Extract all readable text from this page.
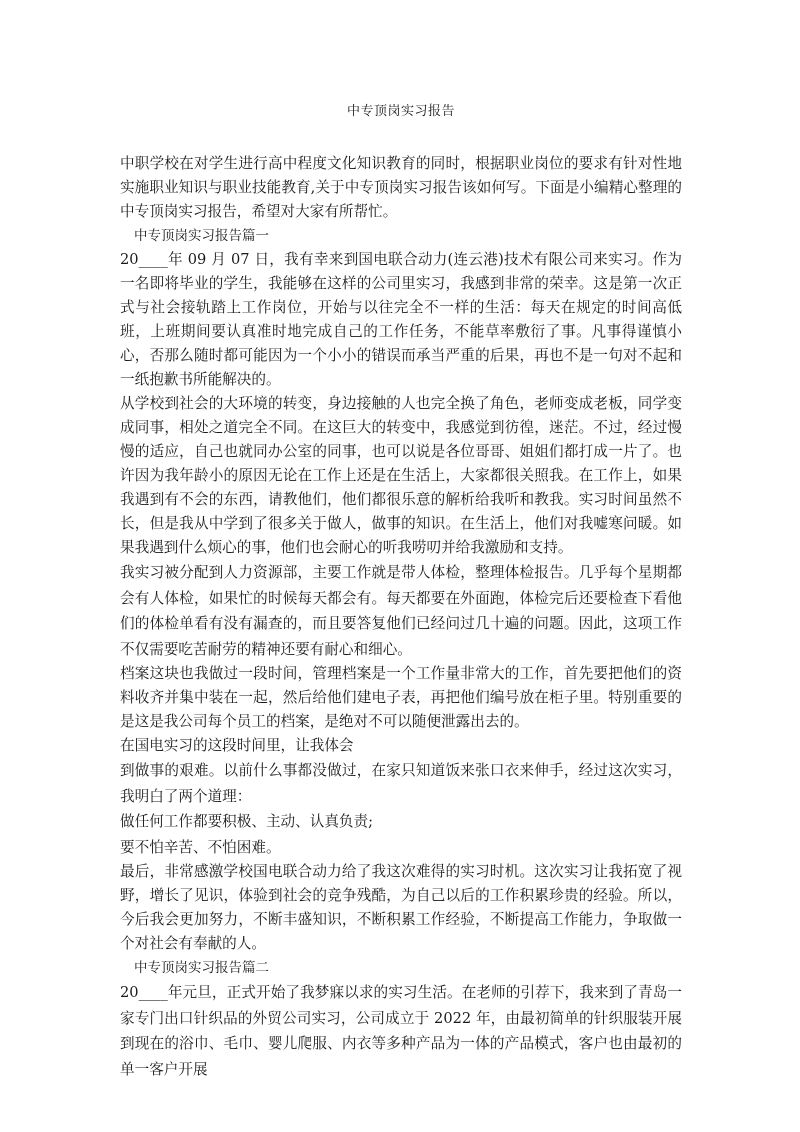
中专顶岗实习报告

中职学校在对学生进行高中程度文化知识教育的同时，根据职业岗位的要求有针对性地实施职业知识与职业技能教育,关于中专顶岗实习报告该如何写。下面是小编精心整理的中专顶岗实习报告，希望对大家有所帮忙。

中专顶岗实习报告篇一

20____年 09 月 07 日，我有幸来到国电联合动力(连云港)技术有限公司来实习。作为一名即将毕业的学生，我能够在这样的公司里实习，我感到非常的荣幸。这是第一次正式与社会接轨踏上工作岗位，开始与以往完全不一样的生活：每天在规定的时间高低班，上班期间要认真准时地完成自己的工作任务，不能草率敷衍了事。凡事得谨慎小心，否那么随时都可能因为一个小小的错误而承当严重的后果，再也不是一句对不起和一纸抱歉书所能解决的。

从学校到社会的大环境的转变，身边接触的人也完全换了角色，老师变成老板，同学变成同事，相处之道完全不同。在这巨大的转变中，我感觉到彷徨，迷茫。不过，经过慢慢的适应，自己也就同办公室的同事，也可以说是各位哥哥、姐姐们都打成一片了。也许因为我年龄小的原因无论在工作上还是在生活上，大家都很关照我。在工作上，如果我遇到有不会的东西，请教他们，他们都很乐意的解析给我听和教我。实习时间虽然不长，但是我从中学到了很多关于做人，做事的知识。在生活上，他们对我嘘寒问暖。如果我遇到什么烦心的事，他们也会耐心的听我唠叨并给我激励和支持。

我实习被分配到人力资源部，主要工作就是带人体检，整理体检报告。几乎每个星期都会有人体检，如果忙的时候每天都会有。每天都要在外面跑，体检完后还要检查下看他们的体检单看有没有漏查的，而且要答复他们已经问过几十遍的问题。因此，这项工作不仅需要吃苦耐劳的精神还要有耐心和细心。

档案这块也我做过一段时间，管理档案是一个工作量非常大的工作，首先要把他们的资料收齐并集中装在一起，然后给他们建电子表，再把他们编号放在柜子里。特别重要的是这是我公司每个员工的档案，是绝对不可以随便泄露出去的。

在国电实习的这段时间里，让我体会

到做事的艰难。以前什么事都没做过，在家只知道饭来张口衣来伸手，经过这次实习，我明白了两个道理：

做任何工作都要积极、主动、认真负责;

要不怕辛苦、不怕困难。

最后，非常感激学校国电联合动力给了我这次难得的实习时机。这次实习让我拓宽了视野，增长了见识，体验到社会的竞争残酷，为自己以后的工作积累珍贵的经验。所以，今后我会更加努力，不断丰盛知识，不断积累工作经验，不断提高工作能力，争取做一个对社会有奉献的人。

中专顶岗实习报告篇二

20____年元旦，正式开始了我梦寐以求的实习生活。在老师的引荐下，我来到了青岛一家专门出口针织品的外贸公司实习，公司成立于 2022 年，由最初简单的针织服装开展到现在的浴巾、毛巾、婴儿爬服、内衣等多种产品为一体的产品模式，客户也由最初的单一客户开展
